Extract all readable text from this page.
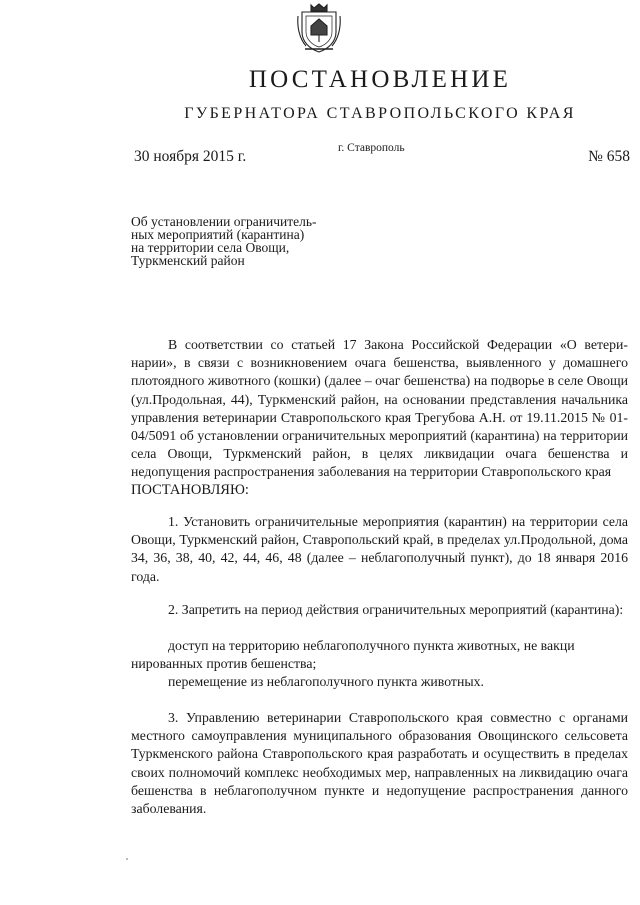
ПОСТАНОВЛЕНИЕ
ГУБЕРНАТОРА СТАВРОПОЛЬСКОГО КРАЯ
30 ноября 2015 г.	г. Ставрополь	№ 658
Об установлении ограничитель-
ных мероприятий (карантина)
на территории села Овощи,
Туркменский район
В соответствии со статьей 17 Закона Российской Федерации «О ветеринарии», в связи с возникновением очага бешенства, выявленного у домашнего плотоядного животного (кошки) (далее – очаг бешенства) на подворье в селе Овощи (ул.Продольная, 44), Туркменский район, на основании представления начальника управления ветеринарии Ставропольского края Трегубова А.Н. от 19.11.2015 № 01-04/5091 об установлении ограничительных мероприятий (карантина) на территории села Овощи, Туркменский район, в целях ликвидации очага бешенства и недопущения распространения заболевания на территории Ставропольского края
ПОСТАНОВЛЯЮ:
1. Установить ограничительные мероприятия (карантин) на территории села Овощи, Туркменский район, Ставропольский край, в пределах ул.Продольной, дома 34, 36, 38, 40, 42, 44, 46, 48 (далее – неблагополучный пункт), до 18 января 2016 года.
2. Запретить на период действия ограничительных мероприятий (карантина):
доступ на территорию неблагополучного пункта животных, не вакци
нированных против бешенства;
перемещение из неблагополучного пункта животных.
3. Управлению ветеринарии Ставропольского края совместно с органами местного самоуправления муниципального образования Овощинского сельсовета Туркменского района Ставропольского края разработать и осуществить в пределах своих полномочий комплекс необходимых мер, направленных на ликвидацию очага бешенства в неблагополучном пункте и недопущение распространения данного заболевания.
